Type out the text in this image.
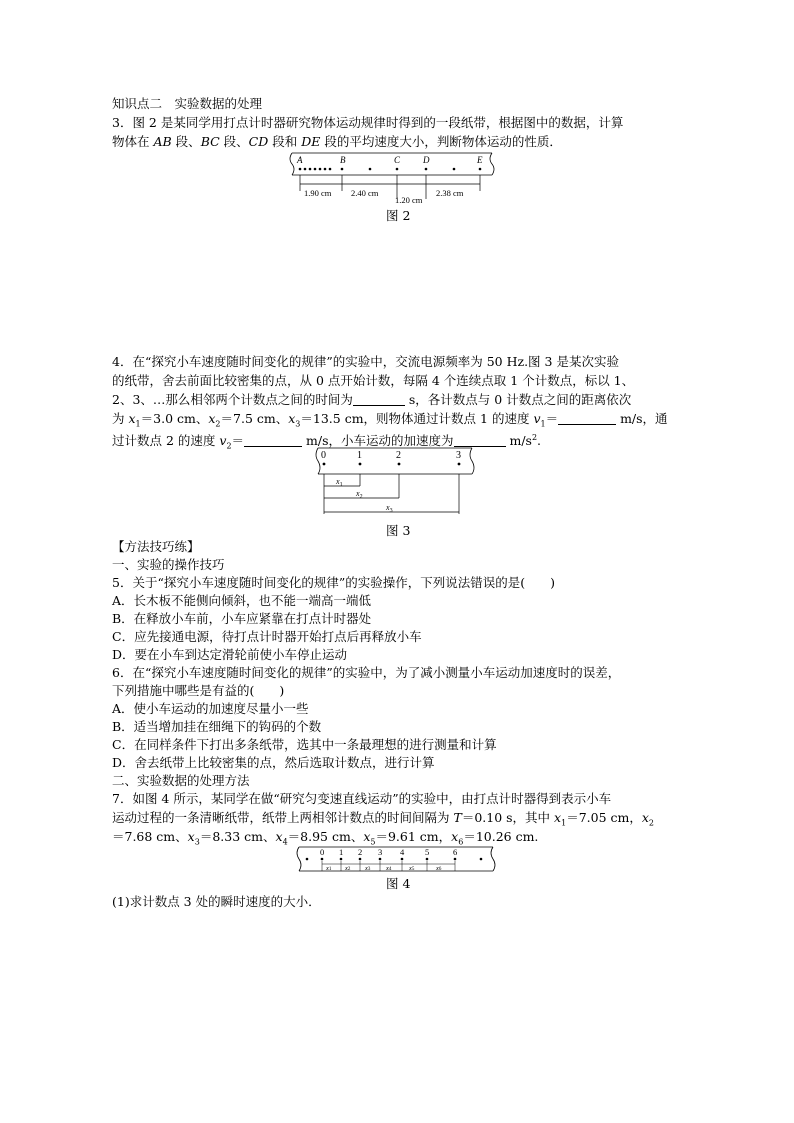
知识点二　实验数据的处理
3．图 2 是某同学用打点计时器研究物体运动规律时得到的一段纸带，根据图中的数据，计算
物体在 AB 段、BC 段、CD 段和 DE 段的平均速度大小，判断物体运动的性质．
A	B	C	D	E
1.90 cm 2.40 cm
1.20 cm
2.38 cm
图 2
4．在“探究小车速度随时间变化的规律”的实验中，交流电源频率为 50 Hz.图 3 是某次实验
的纸带，舍去前面比较密集的点，从 0 点开始计数，每隔 4 个连续点取 1 个计数点，标以 1、
2、3、…那么相邻两个计数点之间的时间为	s，各计数点与 0 计数点之间的距离依次
为 $x_1=3.0$ cm、$x_2=7.5$ cm、$x_3=13.5$ cm，则物体通过计数点 1 的速度 $v_1=$	m/s，通
过计数点 2 的速度 $v_2=$	m/s，小车运动的加速度为	$m/s^2$.
0	1	2	3
$x_1$
$x_2$
$x_3$
图 3
【方法技巧练】
一、实验的操作技巧
5．关于“探究小车速度随时间变化的规律”的实验操作，下列说法错误的是(　　)
A．长木板不能侧向倾斜，也不能一端高一端低
B．在释放小车前，小车应紧靠在打点计时器处
C．应先接通电源，待打点计时器开始打点后再释放小车
D．要在小车到达定滑轮前使小车停止运动
6．在“探究小车速度随时间变化的规律”的实验中，为了减小测量小车运动加速度时的误差，
下列措施中哪些是有益的(　　)
A．使小车运动的加速度尽量小一些
B．适当增加挂在细绳下的钩码的个数
C．在同样条件下打出多条纸带，选其中一条最理想的进行测量和计算
D．舍去纸带上比较密集的点，然后选取计数点，进行计算
二、实验数据的处理方法
7．如图 4 所示，某同学在做“研究匀变速直线运动”的实验中，由打点计时器得到表示小车
运动过程的一条清晰纸带，纸带上两相邻计数点的时间间隔为 T＝0.10 s，其中 $x_1=7.05$ cm，$x_2$
＝7.68 cm、$x_3=8.33$ cm、$x_4=8.95$ cm、$x_5=9.61$ cm，$x_6=10.26$ cm.
0 1 2 3 4 5	6
x1 x2 x3 x4	x5	x6
图 4
(1)求计数点 3 处的瞬时速度的大小．
